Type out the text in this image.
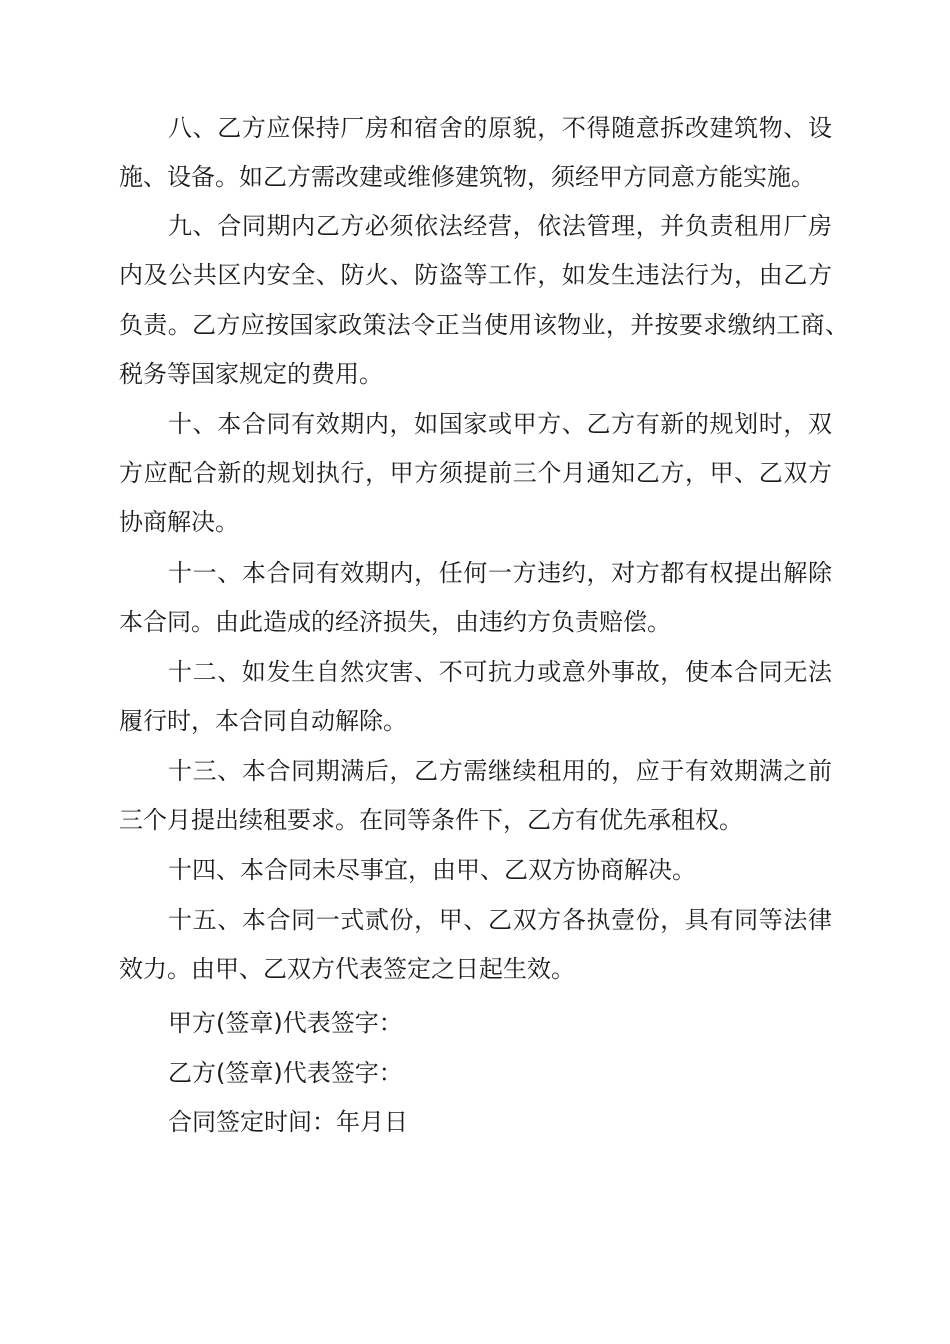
八、乙方应保持厂房和宿舍的原貌，不得随意拆改建筑物、设
施、设备。如乙方需改建或维修建筑物，须经甲方同意方能实施。
九、合同期内乙方必须依法经营，依法管理，并负责租用厂房
内及公共区内安全、防火、防盗等工作，如发生违法行为，由乙方
负责。乙方应按国家政策法令正当使用该物业，并按要求缴纳工商、
税务等国家规定的费用。
十、本合同有效期内，如国家或甲方、乙方有新的规划时，双
方应配合新的规划执行，甲方须提前三个月通知乙方，甲、乙双方
协商解决。
十一、本合同有效期内，任何一方违约，对方都有权提出解除
本合同。由此造成的经济损失，由违约方负责赔偿。
十二、如发生自然灾害、不可抗力或意外事故，使本合同无法
履行时，本合同自动解除。
十三、本合同期满后，乙方需继续租用的，应于有效期满之前
三个月提出续租要求。在同等条件下，乙方有优先承租权。
十四、本合同未尽事宜，由甲、乙双方协商解决。
十五、本合同一式贰份，甲、乙双方各执壹份，具有同等法律
效力。由甲、乙双方代表签定之日起生效。
甲方(签章)代表签字：
乙方(签章)代表签字：
合同签定时间：年月日
